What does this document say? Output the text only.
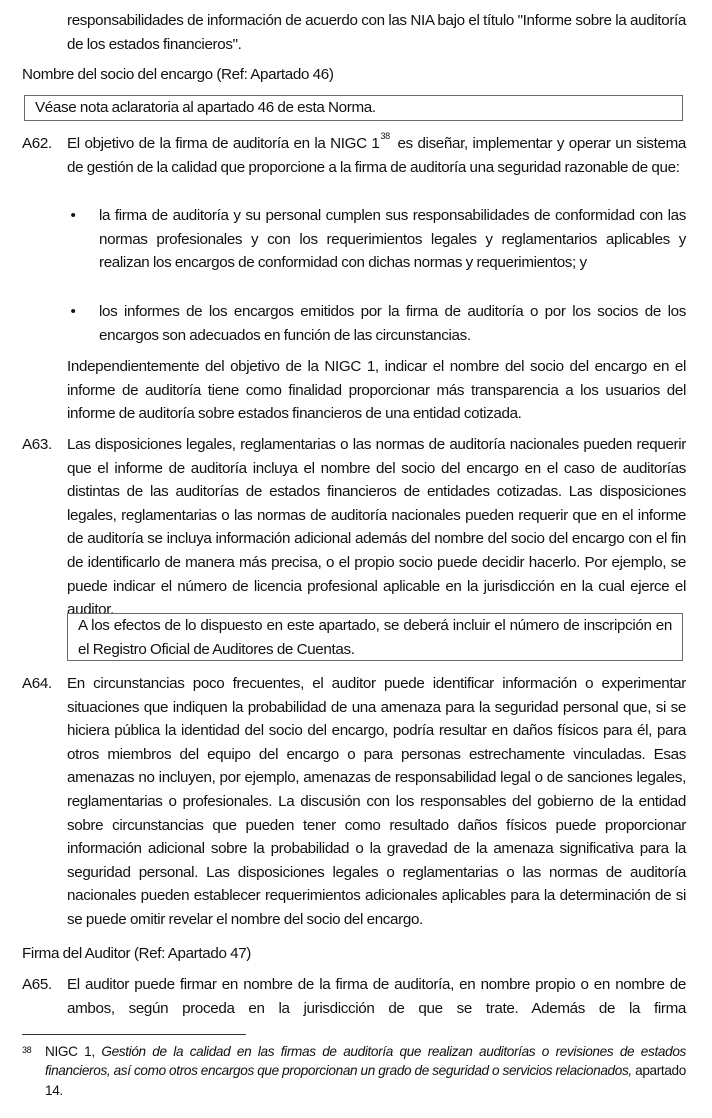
responsabilidades de información de acuerdo con las NIA bajo el título "Informe sobre la auditoría de los estados financieros".
Nombre del socio del encargo (Ref: Apartado 46)
Véase nota aclaratoria al apartado 46 de esta Norma.
A62. El objetivo de la firma de auditoría en la NIGC 1$^{38}$ es diseñar, implementar y operar un sistema de gestión de la calidad que proporcione a la firma de auditoría una seguridad razonable de que:
• la firma de auditoría y su personal cumplen sus responsabilidades de conformidad con las normas profesionales y con los requerimientos legales y reglamentarios aplicables y realizan los encargos de conformidad con dichas normas y requerimientos; y
• los informes de los encargos emitidos por la firma de auditoría o por los socios de los encargos son adecuados en función de las circunstancias.
Independientemente del objetivo de la NIGC 1, indicar el nombre del socio del encargo en el informe de auditoría tiene como finalidad proporcionar más transparencia a los usuarios del informe de auditoría sobre estados financieros de una entidad cotizada.
A63. Las disposiciones legales, reglamentarias o las normas de auditoría nacionales pueden requerir que el informe de auditoría incluya el nombre del socio del encargo en el caso de auditorías distintas de las auditorías de estados financieros de entidades cotizadas. Las disposiciones legales, reglamentarias o las normas de auditoría nacionales pueden requerir que en el informe de auditoría se incluya información adicional además del nombre del socio del encargo con el fin de identificarlo de manera más precisa, o el propio socio puede decidir hacerlo. Por ejemplo, se puede indicar el número de licencia profesional aplicable en la jurisdicción en la cual ejerce el auditor.
A los efectos de lo dispuesto en este apartado, se deberá incluir el número de inscripción en el Registro Oficial de Auditores de Cuentas.
A64. En circunstancias poco frecuentes, el auditor puede identificar información o experimentar situaciones que indiquen la probabilidad de una amenaza para la seguridad personal que, si se hiciera pública la identidad del socio del encargo, podría resultar en daños físicos para él, para otros miembros del equipo del encargo o para personas estrechamente vinculadas. Esas amenazas no incluyen, por ejemplo, amenazas de responsabilidad legal o de sanciones legales, reglamentarias o profesionales. La discusión con los responsables del gobierno de la entidad sobre circunstancias que pueden tener como resultado daños físicos puede proporcionar información adicional sobre la probabilidad o la gravedad de la amenaza significativa para la seguridad personal. Las disposiciones legales o reglamentarias o las normas de auditoría nacionales pueden establecer requerimientos adicionales aplicables para la determinación de si se puede omitir revelar el nombre del socio del encargo.
Firma del Auditor (Ref: Apartado 47)
A65. El auditor puede firmar en nombre de la firma de auditoría, en nombre propio o en nombre de ambos, según proceda en la jurisdicción de que se trate. Además de la firma
38 NIGC 1, Gestión de la calidad en las firmas de auditoría que realizan auditorías o revisiones de estados financieros, así como otros encargos que proporcionan un grado de seguridad o servicios relacionados, apartado 14.
